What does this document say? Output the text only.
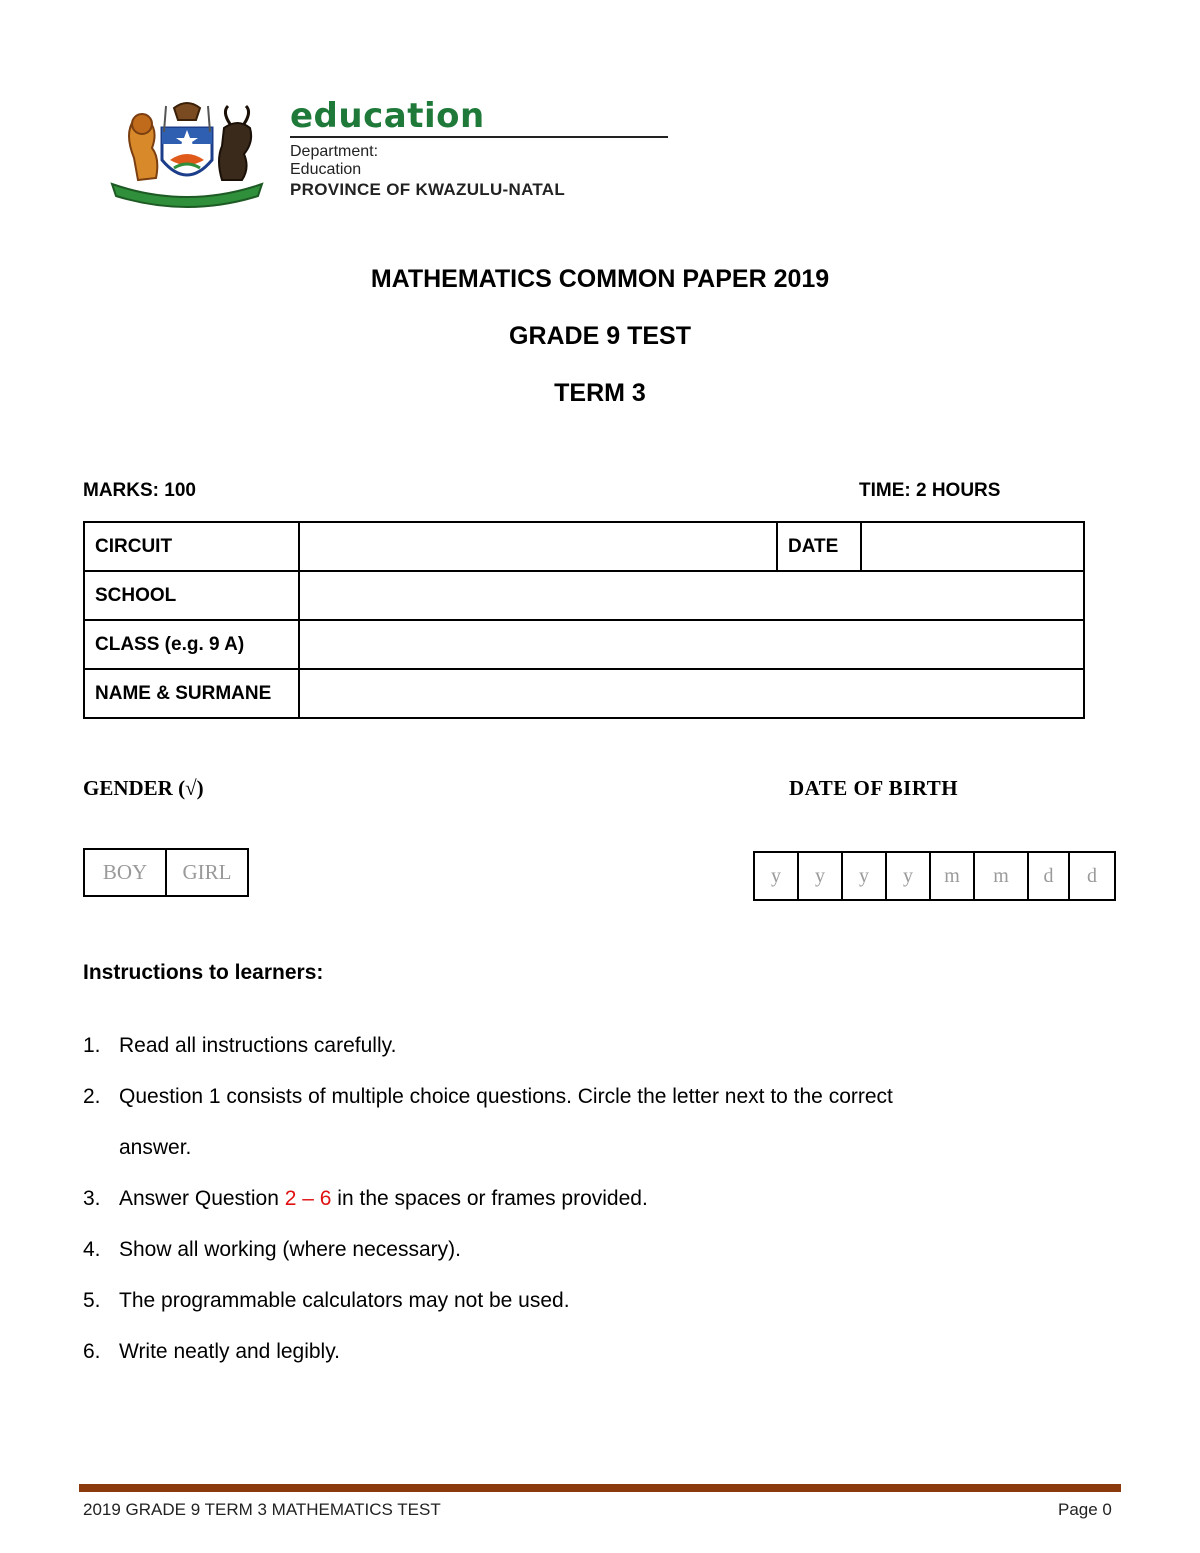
education
Department:
Education
PROVINCE OF KWAZULU-NATAL
MATHEMATICS COMMON PAPER 2019
GRADE 9 TEST
TERM 3
MARKS: 100	TIME: 2 HOURS
CIRCUIT		DATE	
SCHOOL			
CLASS (e.g. 9 A)			
NAME & SURMANE			
GENDER (√)	DATE OF BIRTH
BOY	GIRL	y	y	y	y	m	m	d	d
Instructions to learners:
1. Read all instructions carefully.
2. Question 1 consists of multiple choice questions. Circle the letter next to the correct
answer.
3. Answer Question 2 – 6 in the spaces or frames provided.
4. Show all working (where necessary).
5. The programmable calculators may not be used.
6. Write neatly and legibly.
2019 GRADE 9 TERM 3 MATHEMATICS TEST	Page 0
